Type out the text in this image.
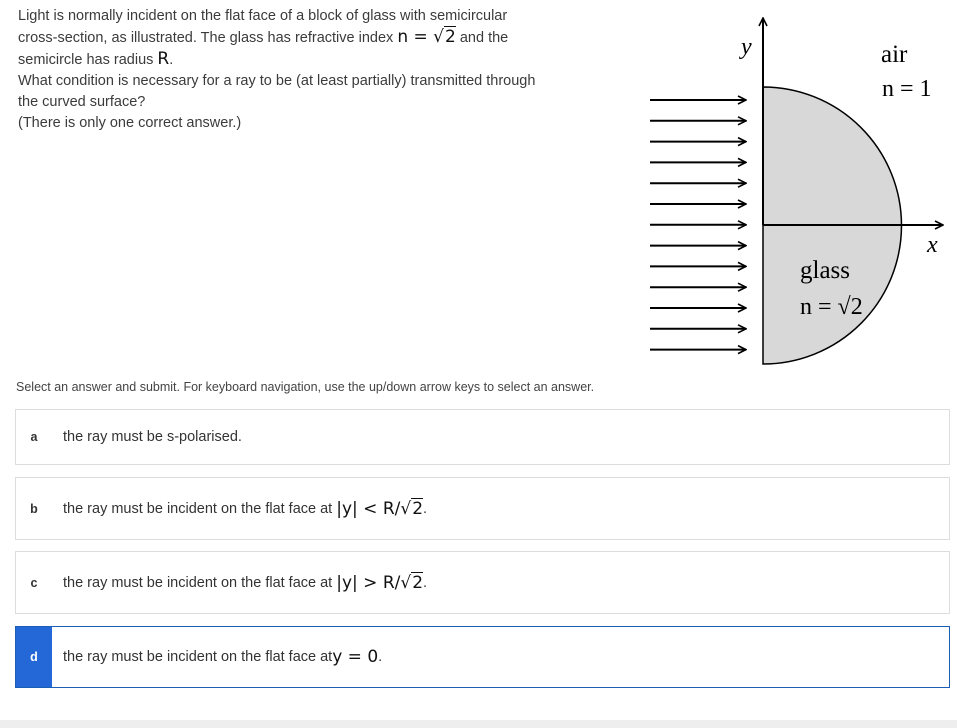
Light is normally incident on the flat face of a block of glass with semicircular

cross-section, as illustrated. The glass has refractive index n = √2 and the

semicircle has radius R.

What condition is necessary for a ray to be (at least partially) transmitted through

the curved surface?

(There is only one correct answer.)

y
x
air
n = 1
glass
n = √2
Select an answer and submit. For keyboard navigation, use the up/down arrow keys to select an answer.
a	the ray must be s-polarised.
b	the ray must be incident on the flat face at
|y| < R/ √ 2 .
c	the ray must be incident on the flat face at
|y| > R/ √ 2 .
d	the ray must be incident on the flat face at y = 0 .
